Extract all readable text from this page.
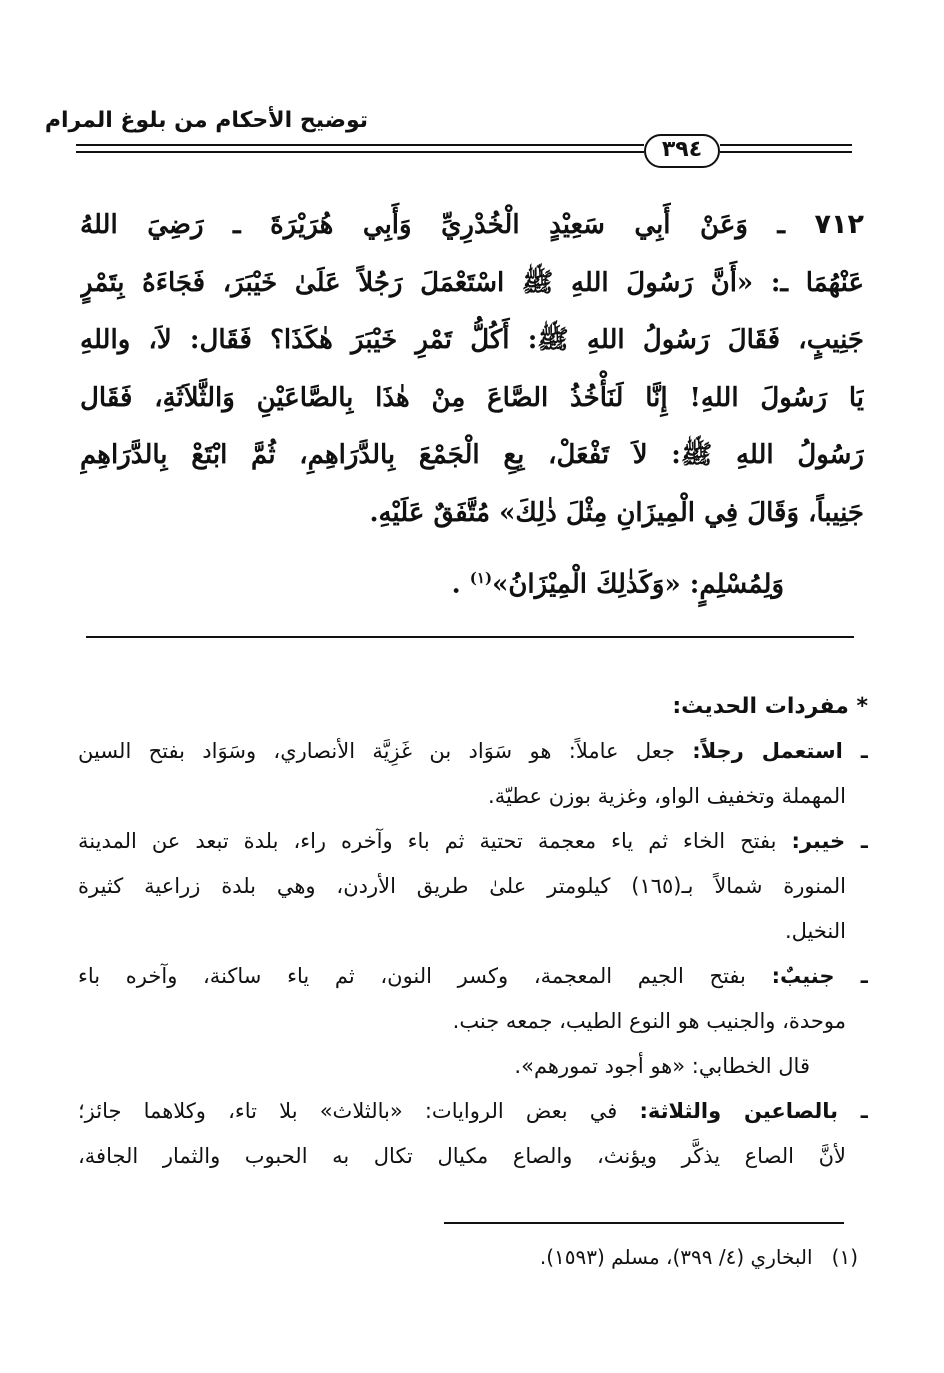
توضيح الأحكام من بلوغ المرام
٣٩٤
٧١٢ ـ وَعَنْ أَبِي سَعِيْدٍ الْخُدْرِيِّ وَأَبِي هُرَيْرَةَ ـ رَضِيَ اللهُ
عَنْهُمَا ـ: «أَنَّ رَسُولَ اللهِ ﷺ اسْتَعْمَلَ رَجُلاً عَلَىٰ خَيْبَرَ، فَجَاءَهُ بِتَمْرٍ
جَنِيبٍ، فَقَالَ رَسُولُ اللهِ ﷺ: أَكُلُّ تَمْرِ خَيْبَرَ هٰكَذَا؟ فَقَال: لاَ، واللهِ
يَا رَسُولَ اللهِ! إِنَّا لَنَأْخُذُ الصَّاعَ مِنْ هٰذَا بِالصَّاعَيْنِ وَالثَّلاَثَةِ، فَقَال
رَسُولُ اللهِ ﷺ: لاَ تَفْعَلْ، بِعِ الْجَمْعَ بِالدَّرَاهِمِ، ثُمَّ ابْتَعْ بِالدَّرَاهِمِ
جَنِيباً، وَقَالَ فِي الْمِيزَانِ مِثْلَ ذٰلِكَ» مُتَّفَقٌ عَلَيْهِ.
وَلِمُسْلِمٍ: «وَكَذٰلِكَ الْمِيْزَانُ»$^{(١)}$ .
* مفردات الحديث:
ـ استعمل رجلاً: جعل عاملاً: هو سَوَاد بن غَزِيَّة الأنصاري، وسَوَاد بفتح السين
المهملة وتخفيف الواو، وغزية بوزن عطيّة.
ـ خيبر: بفتح الخاء ثم ياء معجمة تحتية ثم باء وآخره راء، بلدة تبعد عن المدينة
المنورة شمالاً بـ(١٦٥) كيلومتر علىٰ طريق الأردن، وهي بلدة زراعية كثيرة
النخيل.
ـ جنيبٌ: بفتح الجيم المعجمة، وكسر النون، ثم ياء ساكنة، وآخره باء
موحدة، والجنيب هو النوع الطيب، جمعه جنب.
قال الخطابي: «هو أجود تمورهم».
ـ بالصاعين والثلاثة: في بعض الروايات: «بالثلاث» بلا تاء، وكلاهما جائز؛
لأنَّ الصاع يذكَّر ويؤنث، والصاع مكيال تكال به الحبوب والثمار الجافة،
(١)   البخاري (٤/ ٣٩٩)، مسلم (١٥٩٣).
